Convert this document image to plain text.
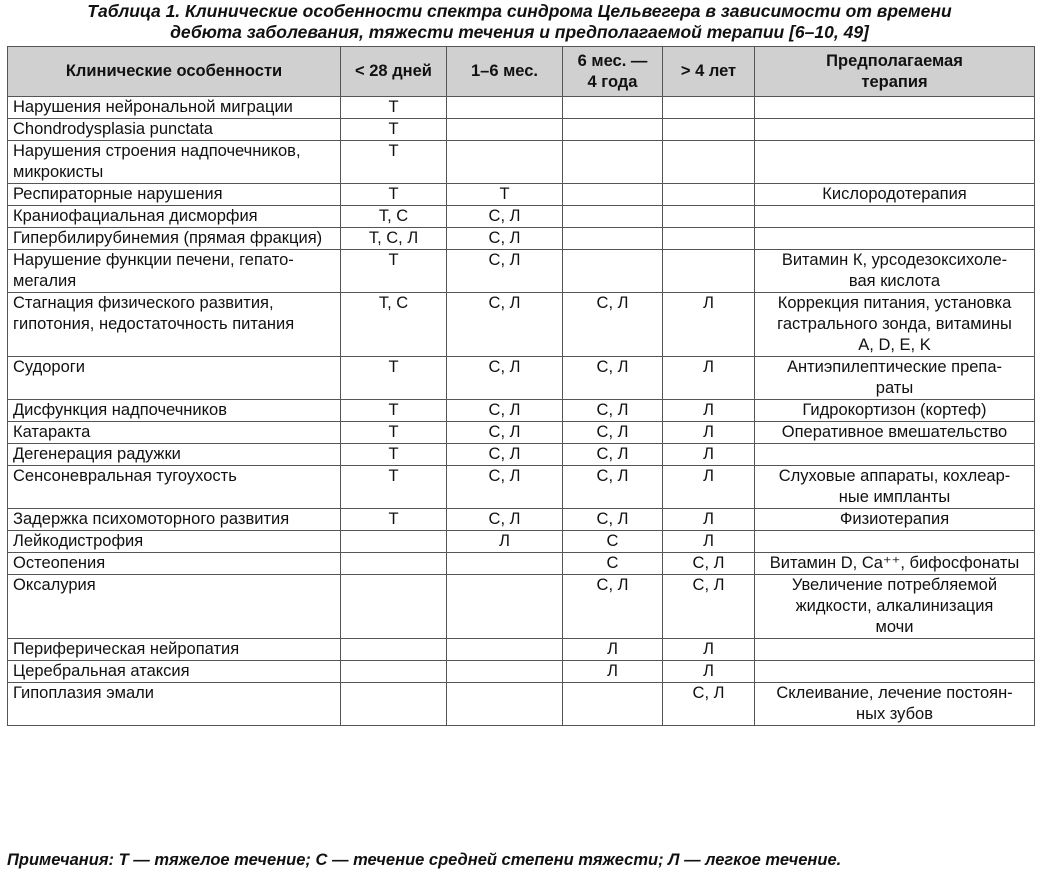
Таблица 1. Клинические особенности спектра синдрома Цельвегера в зависимости от времени
дебюта заболевания, тяжести течения и предполагаемой терапии [6–10, 49]
Клинические особенности	< 28 дней	1–6 мес.	6 мес. —
4 года	> 4 лет	Предполагаемая
терапия
Нарушения нейрональной миграции	Т				
Chondrodysplasia punctata	Т				
Нарушения строения надпочечников,
микрокисты	Т				
Респираторные нарушения	Т	Т			Кислородотерапия
Краниофациальная дисморфия	Т, С	С, Л			
Гипербилирубинемия (прямая фракция)	Т, С, Л	С, Л			
Нарушение функции печени, гепато-
мегалия	Т	С, Л			Витамин К, урсодезоксихоле-
вая кислота
Стагнация физического развития,
гипотония, недостаточность питания	Т, С	С, Л	С, Л	Л	Коррекция питания, установка
гастрального зонда, витамины
A, D, E, K
Судороги	Т	С, Л	С, Л	Л	Антиэпилептические препа-
раты
Дисфункция надпочечников	Т	С, Л	С, Л	Л	Гидрокортизон (кортеф)
Катаракта	Т	С, Л	С, Л	Л	Оперативное вмешательство
Дегенерация радужки	Т	С, Л	С, Л	Л	
Сенсоневральная тугоухость	Т	С, Л	С, Л	Л	Слуховые аппараты, кохлеар-
ные импланты
Задержка психомоторного развития	Т	С, Л	С, Л	Л	Физиотерапия
Лейкодистрофия		Л	С	Л	
Остеопения			С	С, Л	Витамин D, Ca⁺⁺, бифосфонаты
Оксалурия			С, Л	С, Л	Увеличение потребляемой
жидкости, алкалинизация
мочи
Периферическая нейропатия			Л	Л	
Церебральная атаксия			Л	Л	
Гипоплазия эмали				С, Л	Склеивание, лечение постоян-
ных зубов
Примечания: Т — тяжелое течение; С — течение средней степени тяжести; Л — легкое течение.
